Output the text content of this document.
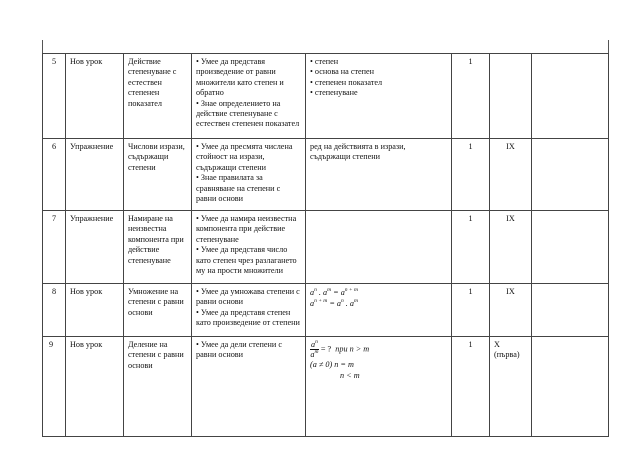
5	Нов урок	Действие степенуване с естествен степенен показател	• Умее да представя произведение от равни множители като степен и обратно
• Знае определението на действие степенуване с естествен степенен показател	• степен
• основа на степен
• степенен показател
• степенуване	1		
6	Упражнение	Числови изрази, съдържащи степени	• Умее да пресмята числена стойност на изрази, съдържащи степени
• Знае правилата за сравняване на степени с равни основи	ред на действията в изрази, съдържащи степени	1	IX	
7	Упражнение	Намиране на неизвестна компонента при действие степенуване	• Умее да намира неизвестна компонента при действие степенуване
• Умее да представя число като степен чрез разлагането му на прости множители		1	IX	
8	Нов урок	Умножение на степени с равни основи	• Умее да умножава степени с равни основи
• Умее да представя степен като произведение от степени	$a^n$ . $a^m = a^{n + m}$
$a^{n + m} = a^n$ . $a^m$	1	IX	
9	Нов урок	Деление на степени с равни основи	• Умее да дели степени с равни основи	$\frac{a^n}{a^m}$ = ? при n > m
(a ≠ 0) n = m
n < m	1	X (първа)	
